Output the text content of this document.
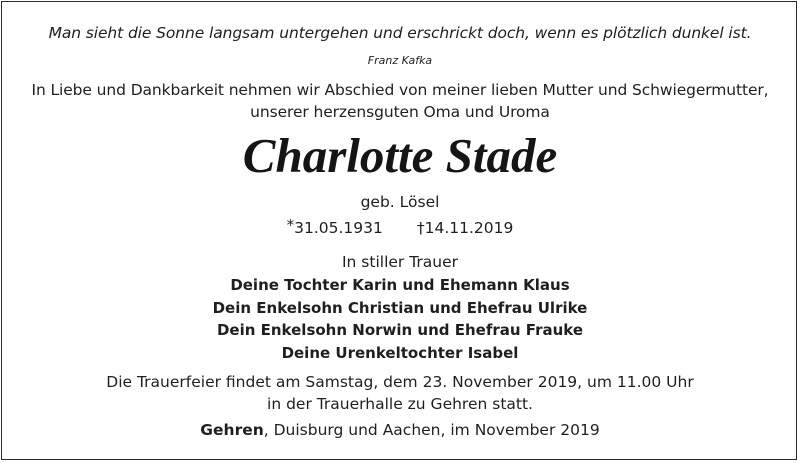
Man sieht die Sonne langsam untergehen und erschrickt doch, wenn es plötzlich dunkel ist.
Franz Kafka
In Liebe und Dankbarkeit nehmen wir Abschied von meiner lieben Mutter und Schwiegermutter,
unserer herzensguten Oma und Uroma
Charlotte Stade
geb. Lösel
*31.05.1931 †14.11.2019
In stiller Trauer
Deine Tochter Karin und Ehemann Klaus
Dein Enkelsohn Christian und Ehefrau Ulrike
Dein Enkelsohn Norwin und Ehefrau Frauke
Deine Urenkeltochter Isabel
Die Trauerfeier findet am Samstag, dem 23. November 2019, um 11.00 Uhr
in der Trauerhalle zu Gehren statt.
Gehren, Duisburg und Aachen, im November 2019
